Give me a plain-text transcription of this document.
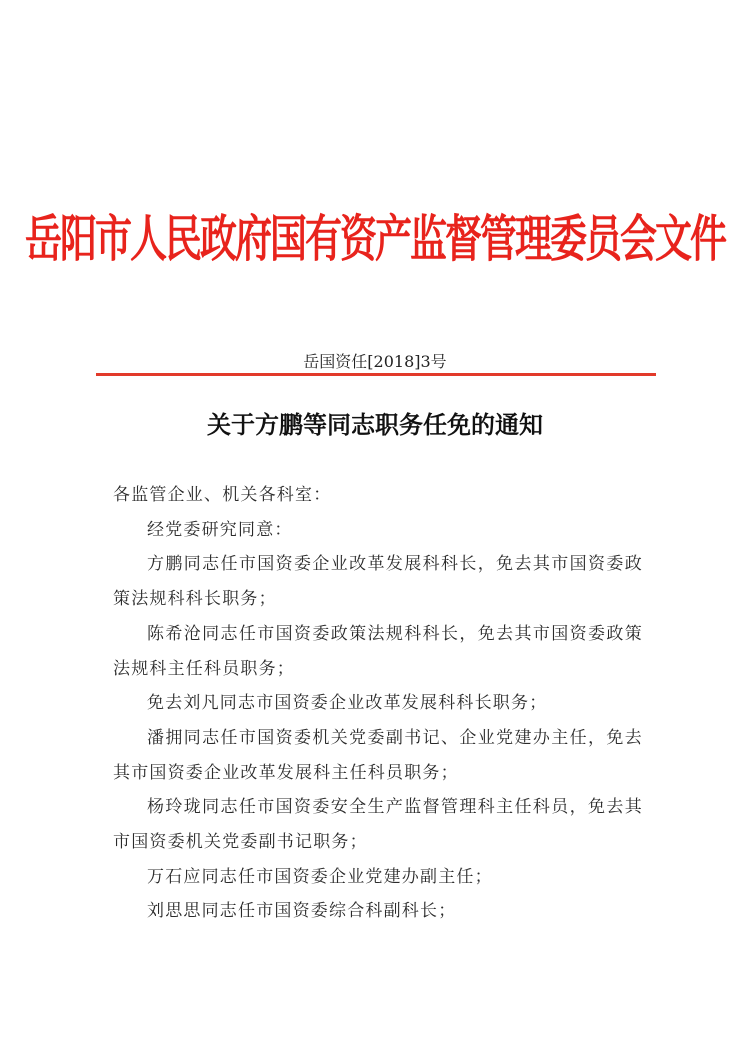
岳阳市人民政府国有资产监督管理委员会文件
岳国资任[2018]3号
关于方鹏等同志职务任免的通知

各监管企业、机关各科室：

经党委研究同意：

方鹏同志任市国资委企业改革发展科科长，免去其市国资委政策法规科科长职务；

陈希沧同志任市国资委政策法规科科长，免去其市国资委政策法规科主任科员职务；

免去刘凡同志市国资委企业改革发展科科长职务；

潘拥同志任市国资委机关党委副书记、企业党建办主任，免去其市国资委企业改革发展科主任科员职务；

杨玲珑同志任市国资委安全生产监督管理科主任科员，免去其市国资委机关党委副书记职务；

万石应同志任市国资委企业党建办副主任；

刘思思同志任市国资委综合科副科长；
